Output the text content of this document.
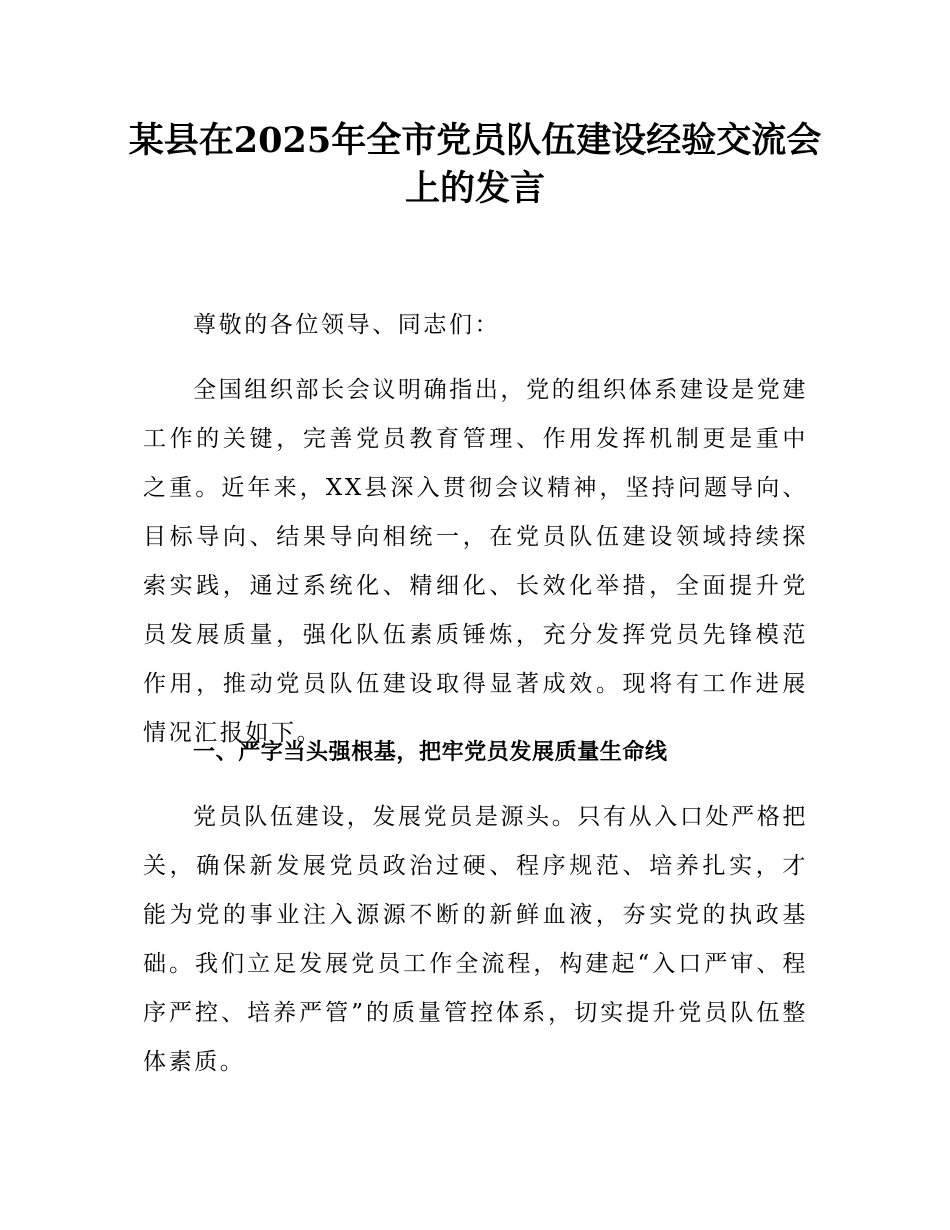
某县在2025年全市党员队伍建设经验交流会
上的发言

尊敬的各位领导、同志们：

全国组织部长会议明确指出，党的组织体系建设是党建工作的关键，完善党员教育管理、作用发挥机制更是重中之重。近年来，XX县深入贯彻会议精神，坚持问题导向、目标导向、结果导向相统一，在党员队伍建设领域持续探索实践，通过系统化、精细化、长效化举措，全面提升党员发展质量，强化队伍素质锤炼，充分发挥党员先锋模范作用，推动党员队伍建设取得显著成效。现将有工作进展情况汇报如下。

一、严字当头强根基，把牢党员发展质量生命线

党员队伍建设，发展党员是源头。只有从入口处严格把关，确保新发展党员政治过硬、程序规范、培养扎实，才能为党的事业注入源源不断的新鲜血液，夯实党的执政基础。我们立足发展党员工作全流程，构建起“入口严审、程序严控、培养严管”的质量管控体系，切实提升党员队伍整体素质。
